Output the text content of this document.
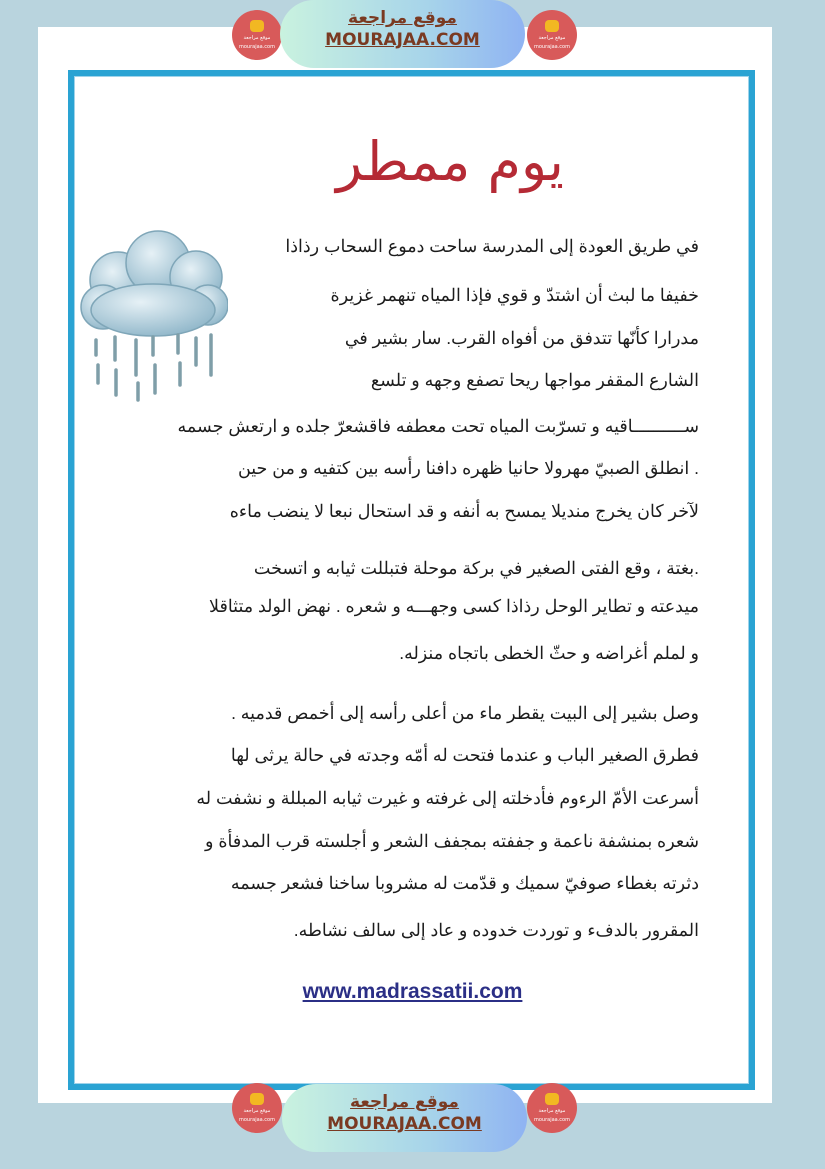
موقع مراجعة
mourajaa.com
موقع مراجعة
MOURAJAA.COM	موقع مراجعة
mourajaa.com
يوم ممطر
في طريق العودة إلى المدرسة ساحت دموع السحاب رذاذا
خفيفا ما لبث أن اشتدّ و قوي فإذا المياه تنهمر غزيرة
مدرارا كأنّها تتدفق من أفواه القرب. سار بشير في
الشارع المقفر مواجها ريحا تصفع وجهه و تلسع
ســــــــــاقيه و تسرّبت المياه تحت معطفه فاقشعرّ جلده و ارتعش جسمه
. انطلق الصبيّ مهرولا حانيا ظهره دافنا رأسه بين كتفيه و من حين
لآخر كان يخرج منديلا يمسح به أنفه و قد استحال نبعا لا ينضب ماءه
.بغتة ، وقع الفتى الصغير في بركة موحلة فتبللت ثيابه و اتسخت
ميدعته و تطاير الوحل رذاذا كسى وجهـــه و شعره . نهض الولد متثاقلا
و لملم أغراضه و حثّ الخطى باتجاه منزله.
وصل بشير إلى البيت يقطر ماء من أعلى رأسه إلى أخمص قدميه .
فطرق الصغير الباب و عندما فتحت له أمّه وجدته في حالة يرثى لها
أسرعت الأمّ الرءوم فأدخلته إلى غرفته و غيرت ثيابه المبللة و نشفت له
شعره بمنشفة ناعمة و جففته بمجفف الشعر و أجلسته قرب المدفأة و
دثرته بغطاء صوفيّ سميك و قدّمت له مشروبا ساخنا فشعر جسمه
المقرور بالدفء و توردت خدوده و عاد إلى سالف نشاطه.
www.madrassatii.com
موقع مراجعة
mourajaa.com
موقع مراجعة
MOURAJAA.COM
موقع مراجعة
mourajaa.com
